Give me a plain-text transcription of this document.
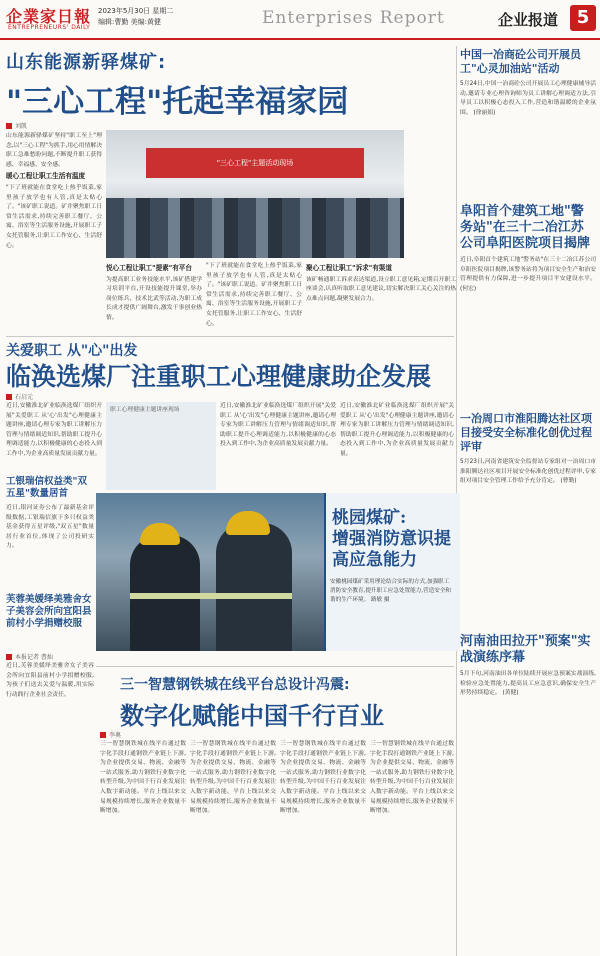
企業家日報
ENTREPRENEURS' DAILY
2023年5月30日 星期二
编辑:曹勤 美编:黄健	Enterprises Report	企业报道	5
山东能源新驿煤矿:
"三心工程"托起幸福家园
刘凯

山东能源新驿煤矿坚持"职工至上"理念,以"三心工程"为抓手,用心用情解决职工急难愁盼问题,不断提升职工获得感、幸福感、安全感。

暖心工程让职工生活有温度

"下了班就能在食堂吃上热乎饭菜,家里孩子放学也有人管,真是太贴心了。"该矿职工说道。矿井聚焦职工日常生活需求,持续完善职工餐厅、公寓、浴室等生活服务设施,开展职工子女托管服务,让职工工作安心、生活舒心。

"三心工程"主题活动现场

悦心工程让职工"提素"有平台

为提高职工业务技能水平,该矿搭建学习培训平台,开设技能提升课堂,举办岗位练兵、技术比武等活动,为职工成长成才提供广阔舞台,激发干事创业热情。

"下了班就能在食堂吃上热乎饭菜,家里孩子放学也有人管,真是太贴心了。"该矿职工说道。矿井聚焦职工日常生活需求,持续完善职工餐厅、公寓、浴室等生活服务设施,开展职工子女托管服务,让职工工作安心、生活舒心。

聚心工程让职工"诉求"有渠道

该矿畅通职工诉求表达渠道,设立职工意见箱,定期召开职工座谈会,认真听取职工意见建议,切实解决职工关心关注的热点难点问题,凝聚发展合力。

中国一冶商砼公司开展员工"心灵加油站"活动
5月24日,中国一冶商砼公司开展员工心理健康辅导活动,邀请专业心理咨询师为员工讲解心理调适方法,引导员工以积极心态投入工作,营造和谐温暖的企业氛围。 (徐丽娟)
阜阳首个建筑工地"警务站"在三十二冶江苏公司阜阳医院项目揭牌
近日,阜阳首个建筑工地"警务站"在三十二冶江苏公司阜阳医院项目揭牌,该警务站将为项目安全生产和治安管理提供有力保障,进一步提升项目平安建设水平。 (何宏)
一冶周口市淮阳腾达社区项目接受安全标准化创优过程评审
5月23日,河南省建筑安全监督站专家组对一冶周口市淮阳腾达社区项目开展安全标准化创优过程评审,专家组对项目安全管理工作给予充分肯定。 (曹勤)
河南油田拉开"预案"实战演练序幕
5月下旬,河南油田各单位陆续开展应急预案实战演练,检验应急处置能力,提高员工应急意识,确保安全生产形势持续稳定。 (黄健)
关爱职工 从"心"出发
临涣选煤厂注重职工心理健康助企发展
石启元

近日,安徽淮北矿业临涣选煤厂组织开展"关爱职工 从'心'出发"心理健康主题讲座,邀请心理专家为职工讲解压力管理与情绪调适知识,帮助职工提升心理调适能力,以积极健康的心态投入到工作中,为企业高质量发展贡献力量。

职工心理健康主题讲座现场

近日,安徽淮北矿业临涣选煤厂组织开展"关爱职工 从'心'出发"心理健康主题讲座,邀请心理专家为职工讲解压力管理与情绪调适知识,帮助职工提升心理调适能力,以积极健康的心态投入到工作中,为企业高质量发展贡献力量。

近日,安徽淮北矿业临涣选煤厂组织开展"关爱职工 从'心'出发"心理健康主题讲座,邀请心理专家为职工讲解压力管理与情绪调适知识,帮助职工提升心理调适能力,以积极健康的心态投入到工作中,为企业高质量发展贡献力量。

工银瑞信权益类"双五星"数量居首

近日,银河证券公布了最新基金评级数据,工银瑞信旗下多只权益类基金获得五星评级,"双五星"数量居行业首位,体现了公司投研实力。

桃园煤矿:
增强消防意识提高应急能力
安徽桃园煤矿采用理论结合实际的方式,加强职工消防安全教育,提升职工应急处置能力,营造安全和谐的生产环境。 路敏 摄
芙蓉美媛绎美雅舍女子美容会所向宜阳县前村小学捐赠校服
本报记者 曹灿

近日,芙蓉美媛绎美雅舍女子美容会所向宜阳县前村小学捐赠校服,为孩子们送去关爱与温暖,用实际行动践行企业社会责任。

三一智慧钢铁城在线平台总设计冯震:
数字化赋能中国千行百业
李奥

三一智慧钢铁城在线平台通过数字化手段打通钢铁产业链上下游,为企业提供交易、物流、金融等一站式服务,助力钢铁行业数字化转型升级,为中国千行百业发展注入数字新动能。平台上线以来交易规模持续增长,服务企业数量不断增加。

三一智慧钢铁城在线平台通过数字化手段打通钢铁产业链上下游,为企业提供交易、物流、金融等一站式服务,助力钢铁行业数字化转型升级,为中国千行百业发展注入数字新动能。平台上线以来交易规模持续增长,服务企业数量不断增加。

三一智慧钢铁城在线平台通过数字化手段打通钢铁产业链上下游,为企业提供交易、物流、金融等一站式服务,助力钢铁行业数字化转型升级,为中国千行百业发展注入数字新动能。平台上线以来交易规模持续增长,服务企业数量不断增加。

三一智慧钢铁城在线平台通过数字化手段打通钢铁产业链上下游,为企业提供交易、物流、金融等一站式服务,助力钢铁行业数字化转型升级,为中国千行百业发展注入数字新动能。平台上线以来交易规模持续增长,服务企业数量不断增加。
